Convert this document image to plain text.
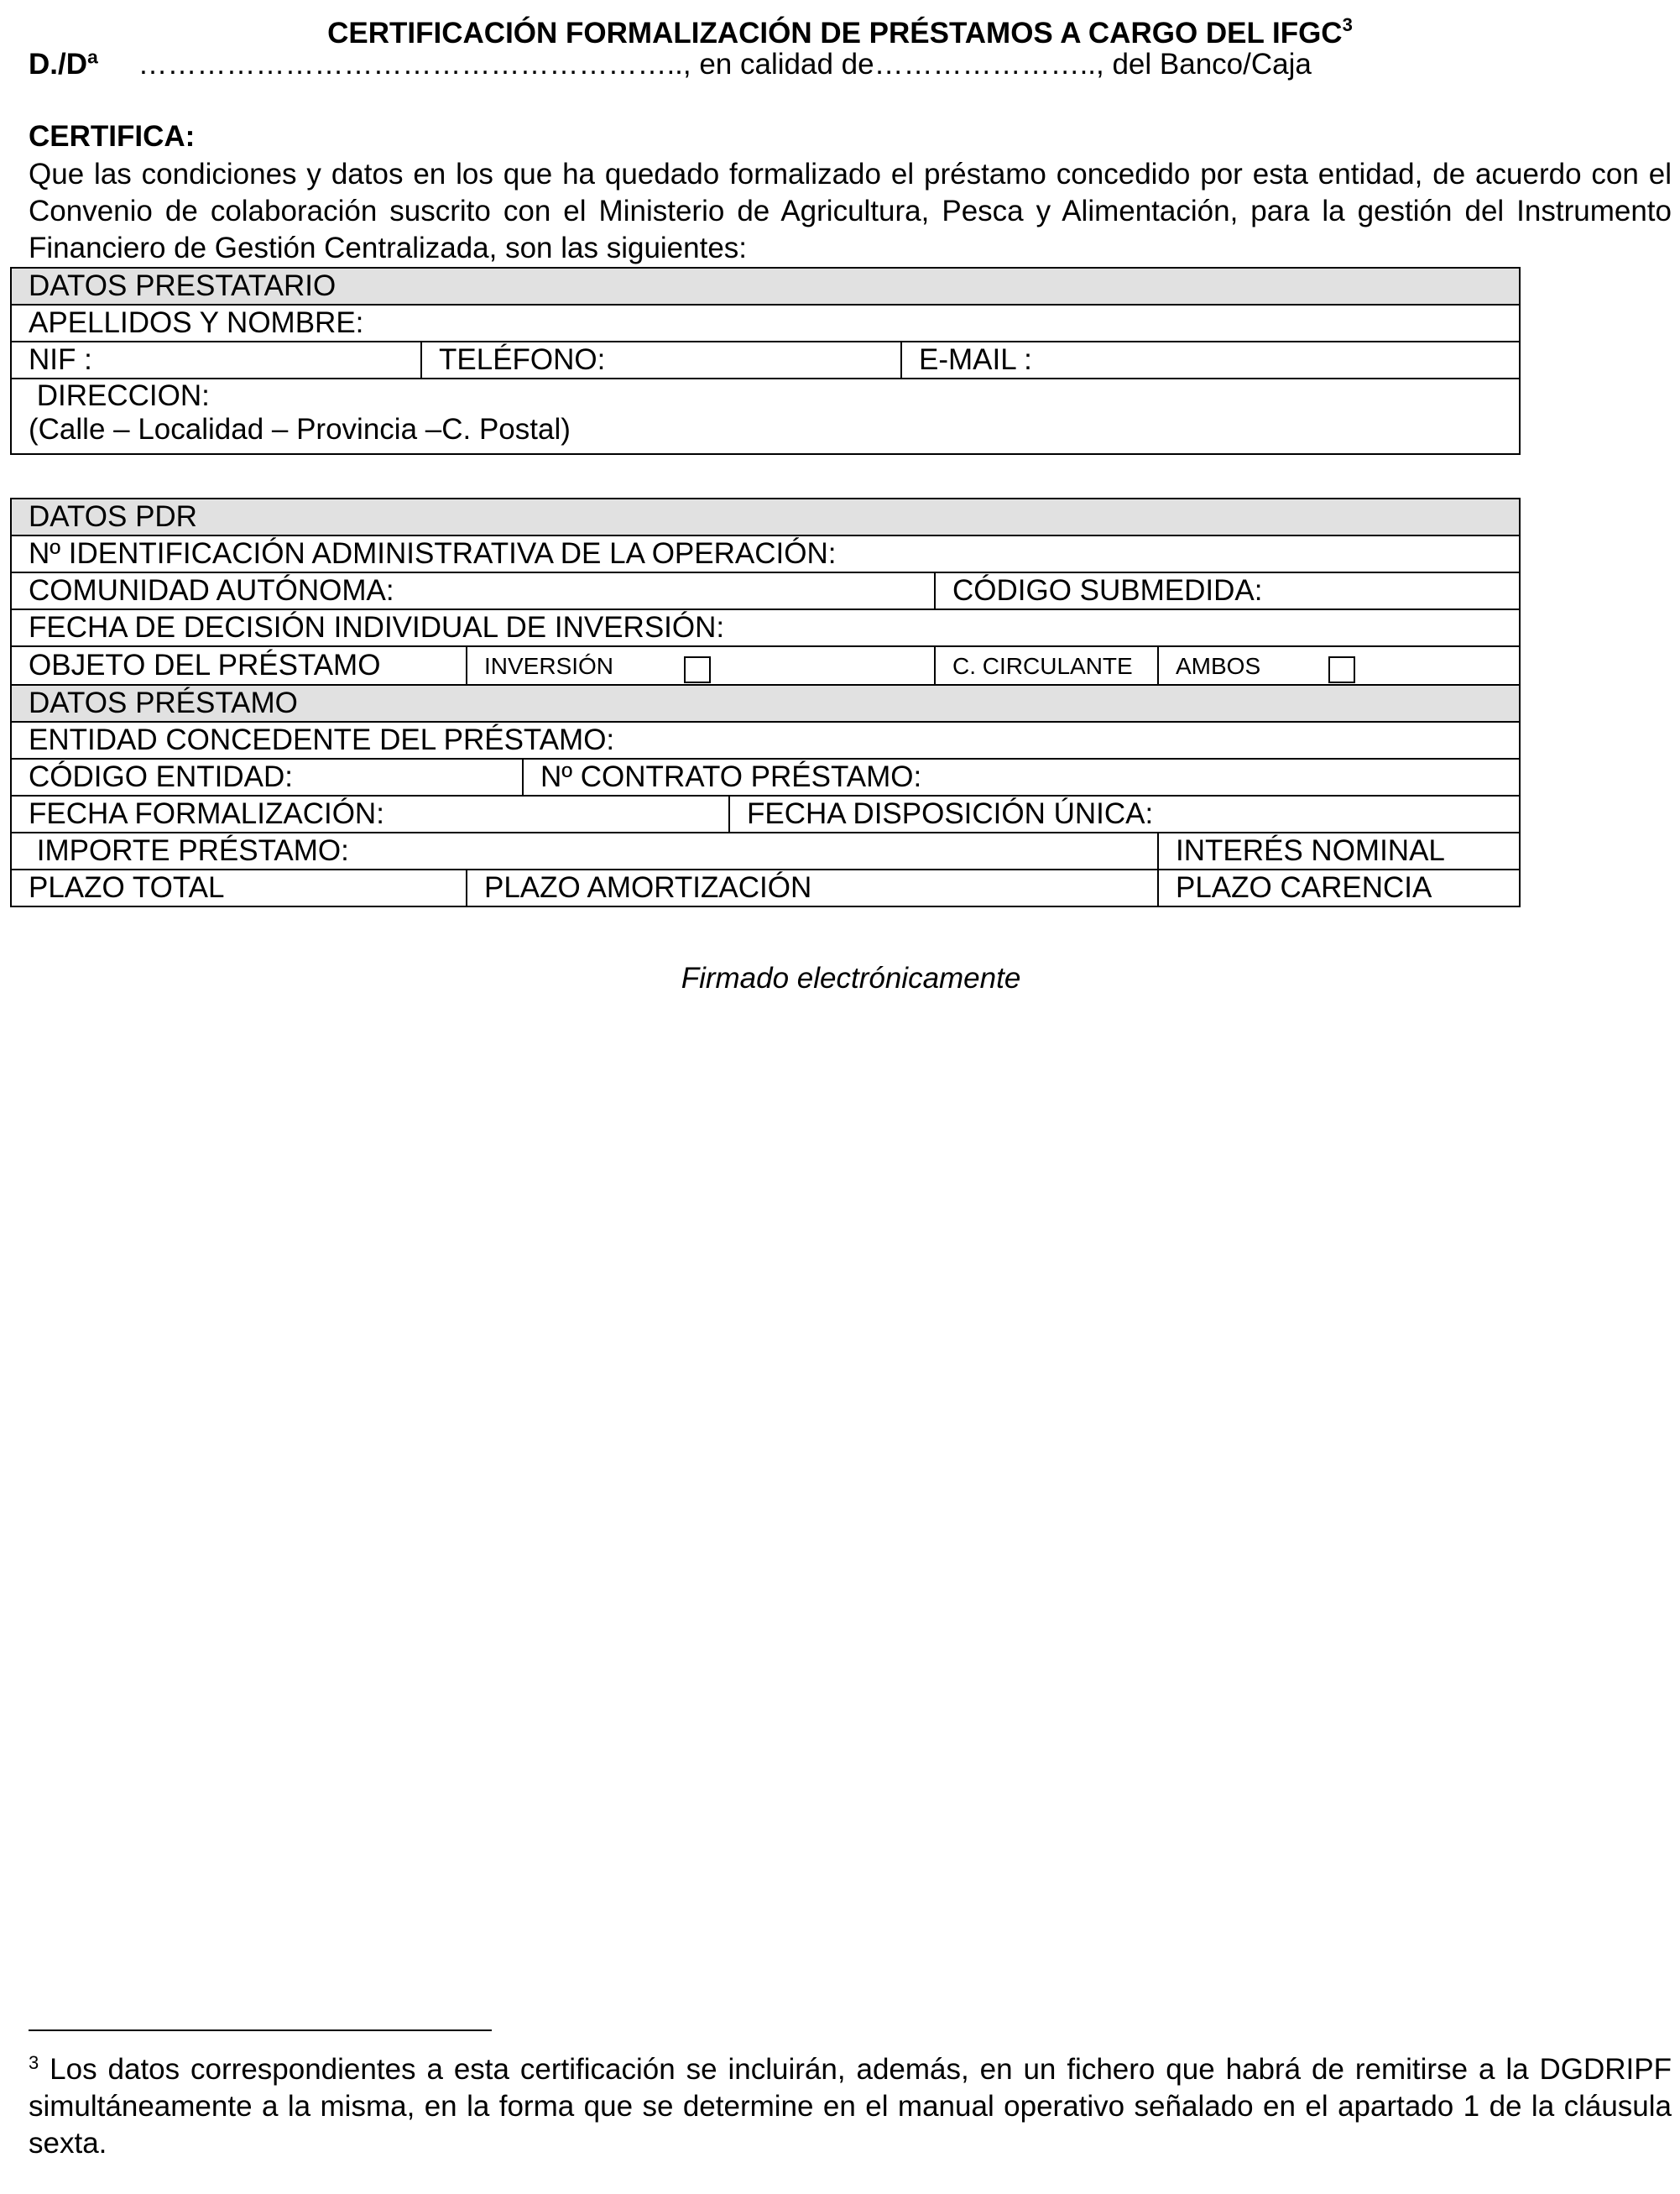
CERTIFICACIÓN FORMALIZACIÓN DE PRÉSTAMOS A CARGO DEL IFGC$^3$
D./Dª ……………………………………………….., en calidad de………………….., del Banco/Caja
CERTIFICA:
Que las condiciones y datos en los que ha quedado formalizado el préstamo concedido por esta entidad, de acuerdo con el Convenio de colaboración suscrito con el Ministerio de Agricultura, Pesca y Alimentación, para la gestión del Instrumento Financiero de Gestión Centralizada, son las siguientes:
DATOS PRESTATARIO
APELLIDOS Y NOMBRE:
NIF :	TELÉFONO:	E-MAIL :

DIRECCION:
(Calle – Localidad – Provincia –C. Postal)
DATOS PDR					
Nº IDENTIFICACIÓN ADMINISTRATIVA DE LA OPERACIÓN:					
COMUNIDAD AUTÓNOMA:				CÓDIGO SUBMEDIDA:	
FECHA DE DECISIÓN INDIVIDUAL DE INVERSIÓN:					
OBJETO DEL PRÉSTAMO	INVERSIÓN			C. CIRCULANTE	AMBOS
DATOS PRÉSTAMO					
ENTIDAD CONCEDENTE DEL PRÉSTAMO:					
CÓDIGO ENTIDAD:		Nº CONTRATO PRÉSTAMO:			
FECHA FORMALIZACIÓN:			FECHA DISPOSICIÓN ÚNICA:		
IMPORTE PRÉSTAMO:					INTERÉS NOMINAL
PLAZO TOTAL	PLAZO AMORTIZACIÓN				PLAZO CARENCIA
Firmado electrónicamente
$^3$ Los datos correspondientes a esta certificación se incluirán, además, en un fichero que habrá de remitirse a la DGDRIPF simultáneamente a la misma, en la forma que se determine en el manual operativo señalado en el apartado 1 de la cláusula sexta.
